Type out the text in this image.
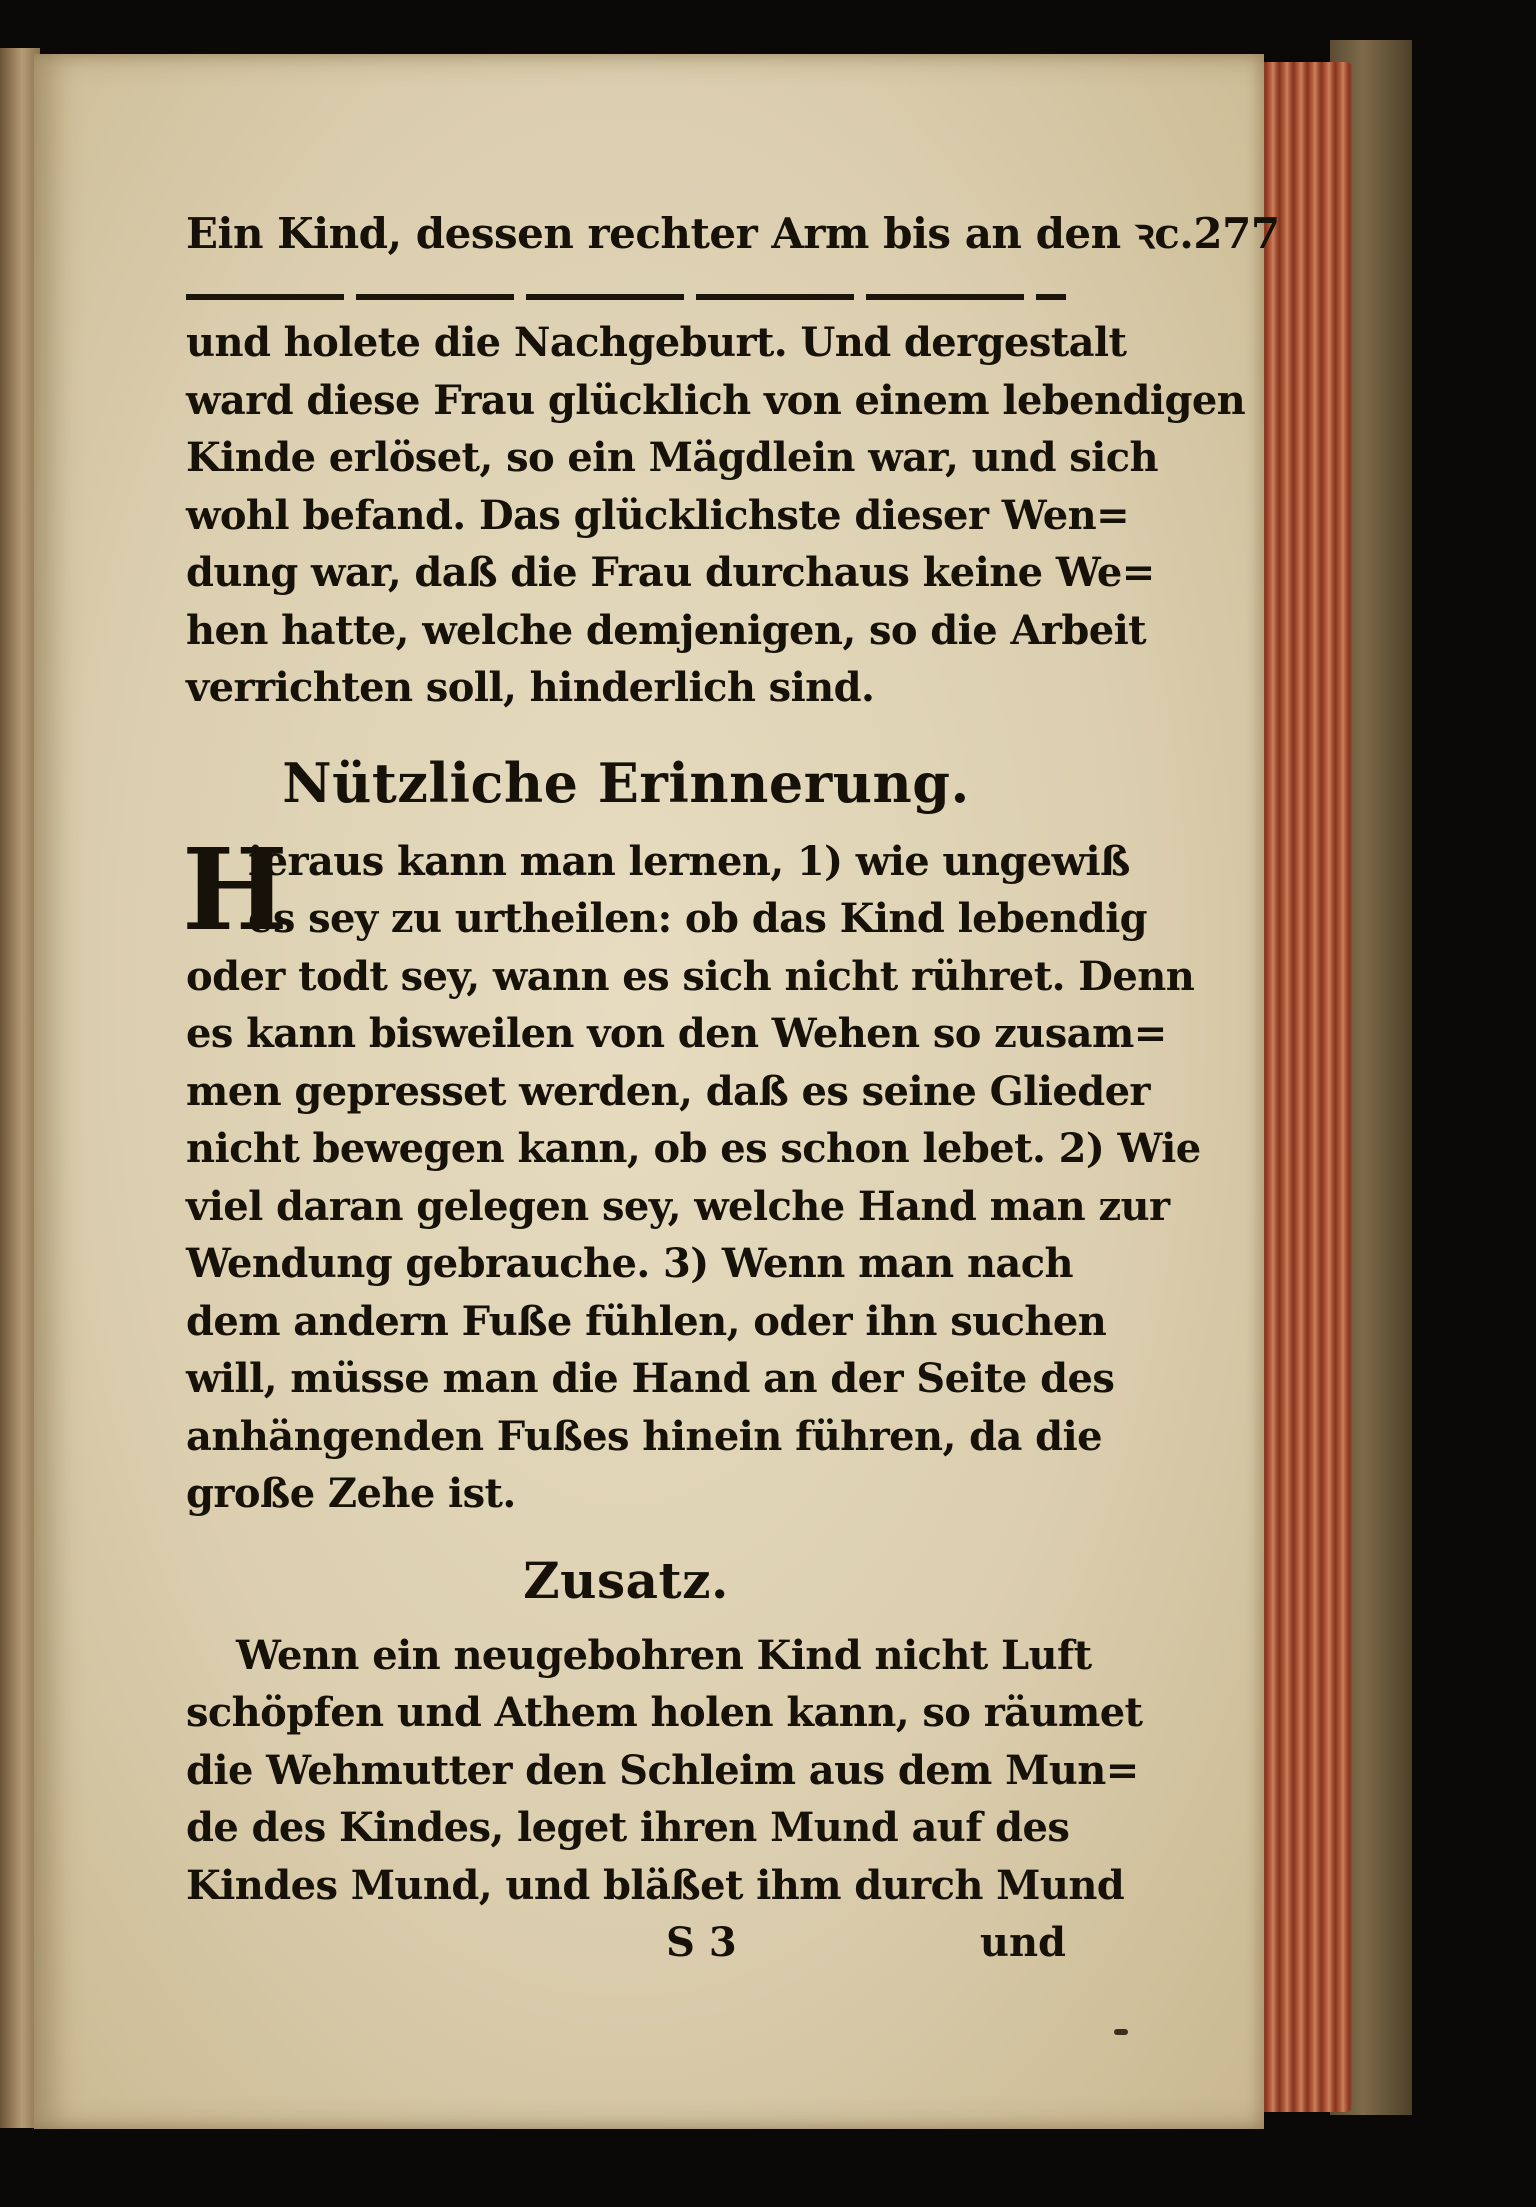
Ein Kind, dessen rechter Arm bis an den ꝛc. 277
und holete die Nachgeburt. Und dergestalt
ward diese Frau glücklich von einem lebendigen
Kinde erlöset, so ein Mägdlein war, und sich
wohl befand. Das glücklichste dieser Wen=
dung war, daß die Frau durchaus keine We=
hen hatte, welche demjenigen, so die Arbeit
verrichten soll, hinderlich sind.
Nützliche Erinnerung.
H
ieraus kann man lernen, 1) wie ungewiß
es sey zu urtheilen: ob das Kind lebendig
oder todt sey, wann es sich nicht rühret. Denn
es kann bisweilen von den Wehen so zusam=
men gepresset werden, daß es seine Glieder
nicht bewegen kann, ob es schon lebet. 2) Wie
viel daran gelegen sey, welche Hand man zur
Wendung gebrauche. 3) Wenn man nach
dem andern Fuße fühlen, oder ihn suchen
will, müsse man die Hand an der Seite des
anhängenden Fußes hinein führen, da die
große Zehe ist.
Zusatz.
Wenn ein neugebohren Kind nicht Luft
schöpfen und Athem holen kann, so räumet
die Wehmutter den Schleim aus dem Mun=
de des Kindes, leget ihren Mund auf des
Kindes Mund, und bläßet ihm durch Mund
S 3	und
